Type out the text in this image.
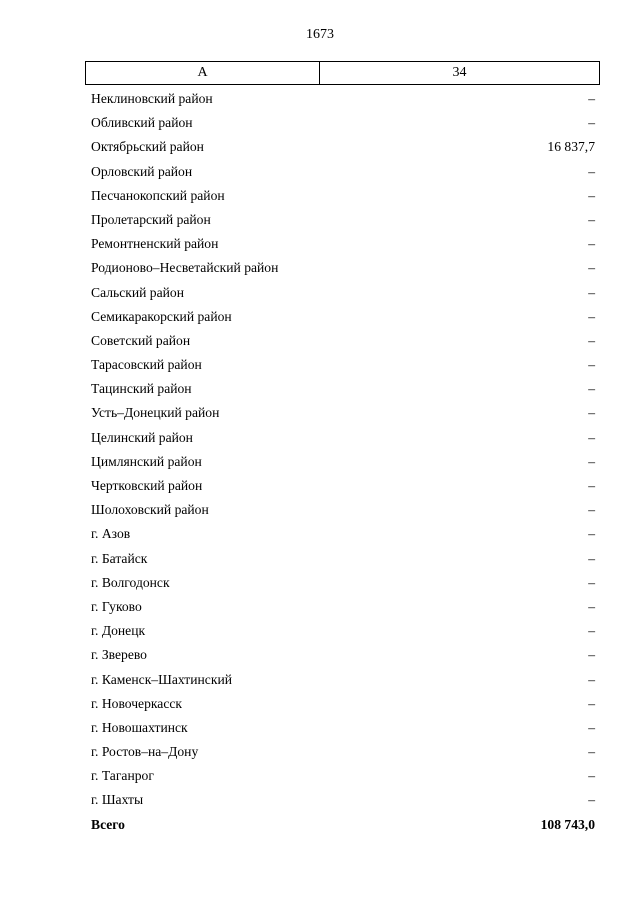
1673
А	34
Неклиновский район	–
Обливский район	–
Октябрьский район	16 837,7
Орловский район	–
Песчанокопский район	–
Пролетарский район	–
Ремонтненский район	–
Родионово–Несветайский район	–
Сальский район	–
Семикаракорский район	–
Советский район	–
Тарасовский район	–
Тацинский район	–
Усть–Донецкий район	–
Целинский район	–
Цимлянский район	–
Чертковский район	–
Шолоховский район	–
г. Азов	–
г. Батайск	–
г. Волгодонск	–
г. Гуково	–
г. Донецк	–
г. Зверево	–
г. Каменск–Шахтинский	–
г. Новочеркасск	–
г. Новошахтинск	–
г. Ростов–на–Дону	–
г. Таганрог	–
г. Шахты	–
Всего	108 743,0
